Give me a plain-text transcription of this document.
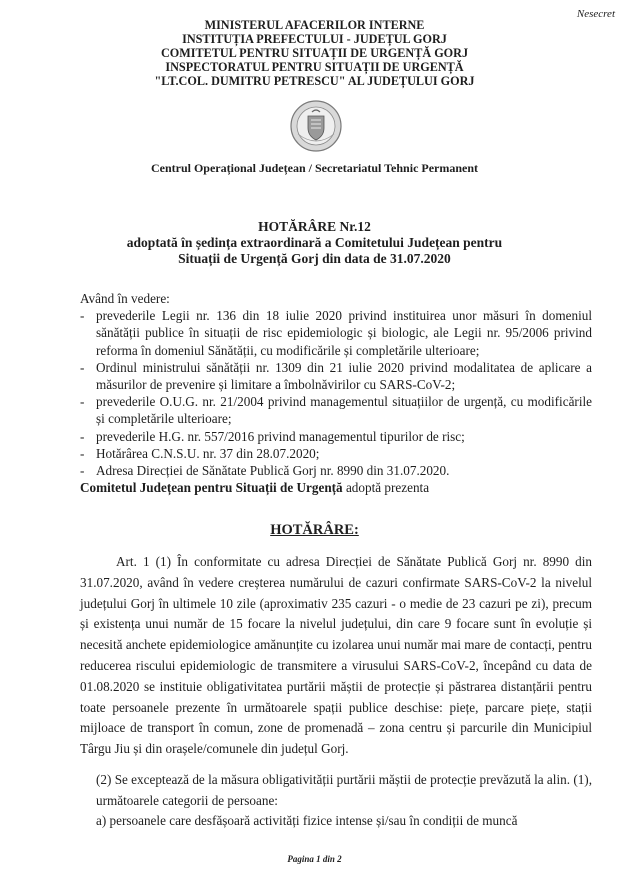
Nesecret
MINISTERUL AFACERILOR INTERNE
INSTITUȚIA PREFECTULUI - JUDEȚUL GORJ
COMITETUL PENTRU SITUAȚII DE URGENȚĂ GORJ
INSPECTORATUL PENTRU SITUAȚII DE URGENȚĂ
"LT.COL. DUMITRU PETRESCU" AL JUDEȚULUI GORJ
Centrul Operațional Județean / Secretariatul Tehnic Permanent
HOTĂRÂRE Nr.12
adoptată în ședința extraordinară a Comitetului Județean pentru
Situații de Urgență Gorj din data de 31.07.2020
Având în vedere:
- prevederile Legii nr. 136 din 18 iulie 2020 privind instituirea unor măsuri în domeniul sănătății publice în situații de risc epidemiologic și biologic, ale Legii nr. 95/2006 privind reforma în domeniul Sănătății, cu modificările și completările ulterioare;
- Ordinul ministrului sănătății nr. 1309 din 21 iulie 2020 privind modalitatea de aplicare a măsurilor de prevenire și limitare a îmbolnăvirilor cu SARS-CoV-2;
- prevederile O.U.G. nr. 21/2004 privind managementul situațiilor de urgență, cu modificările și completările ulterioare;
- prevederile H.G. nr. 557/2016 privind managementul tipurilor de risc;
- Hotărârea C.N.S.U. nr. 37 din 28.07.2020;
- Adresa Direcției de Sănătate Publică Gorj nr. 8990 din 31.07.2020.
Comitetul Județean pentru Situații de Urgență adoptă prezenta
HOTĂRÂRE:

Art. 1 (1) În conformitate cu adresa Direcției de Sănătate Publică Gorj nr. 8990 din 31.07.2020, având în vedere creșterea numărului de cazuri confirmate SARS-CoV-2 la nivelul județului Gorj în ultimele 10 zile (aproximativ 235 cazuri - o medie de 23 cazuri pe zi), precum și existența unui număr de 15 focare la nivelul județului, din care 9 focare sunt în evoluție și necesită anchete epidemiologice amănunțite cu izolarea unui număr mai mare de contacți, pentru reducerea riscului epidemiologic de transmitere a virusului SARS-CoV-2, începând cu data de 01.08.2020 se instituie obligativitatea purtării măștii de protecție și păstrarea distanțării pentru toate persoanele prezente în următoarele spații publice deschise: piețe, parcare piețe, stații mijloace de transport în comun, zone de promenadă – zona centru și parcurile din Municipiul Târgu Jiu și din orașele/comunele din județul Gorj.

(2) Se exceptează de la măsura obligativității purtării măștii de protecție prevăzută la alin. (1), următoarele categorii de persoane:

a) persoanele care desfășoară activități fizice intense și/sau în condiții de muncă

Pagina 1 din 2
